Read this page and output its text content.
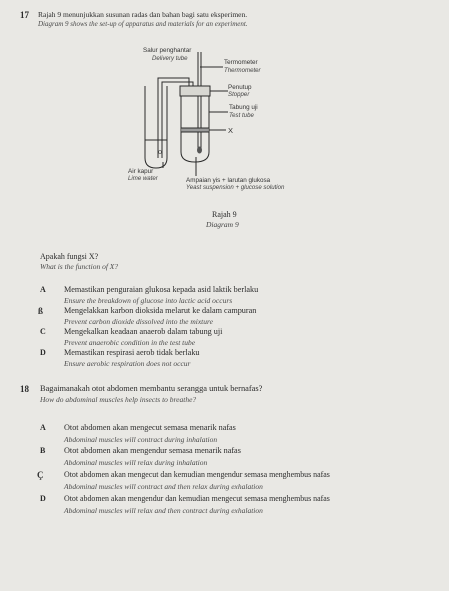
17 Rajah 9 menunjukkan susunan radas dan bahan bagi satu eksperimen.
Diagram 9 shows the set-up of apparatus and materials for an experiment.
Salur penghantar
Delivery tube
Termometer
Thermometer
Penutup
Stopper
Tabung uji
Test tube
X
Air kapur
Lime water	Ampaian yis + larutan glukosa
Yeast suspension + glucose solution
Rajah 9
Diagram 9
Apakah fungsi X?
What is the function of X?
A Memastikan penguraian glukosa kepada asid laktik berlaku
Ensure the breakdown of glucose into lactic acid occurs
ß	Mengelakkan karbon dioksida melarut ke dalam campuran
Prevent carbon dioxide dissolved into the mixture
C Mengekalkan keadaan anaerob dalam tabung uji
Prevent anaerobic condition in the test tube
D Memastikan respirasi aerob tidak berlaku
Ensure aerobic respiration does not occur
18 Bagaimanakah otot abdomen membantu serangga untuk bernafas?
How do abdominal muscles help insects to breathe?
A Otot abdomen akan mengecut semasa menarik nafas
Abdominal muscles will contract during inhalation
B Otot abdomen akan mengendur semasa menarik nafas
Abdominal muscles will relax during inhalation
Ç	Otot abdomen akan mengecut dan kemudian mengendur semasa menghembus nafas
Abdominal muscles will contract and then relax during exhalation
D Otot abdomen akan mengendur dan kemudian mengecut semasa menghembus nafas
Abdominal muscles will relax and then contract during exhalation
